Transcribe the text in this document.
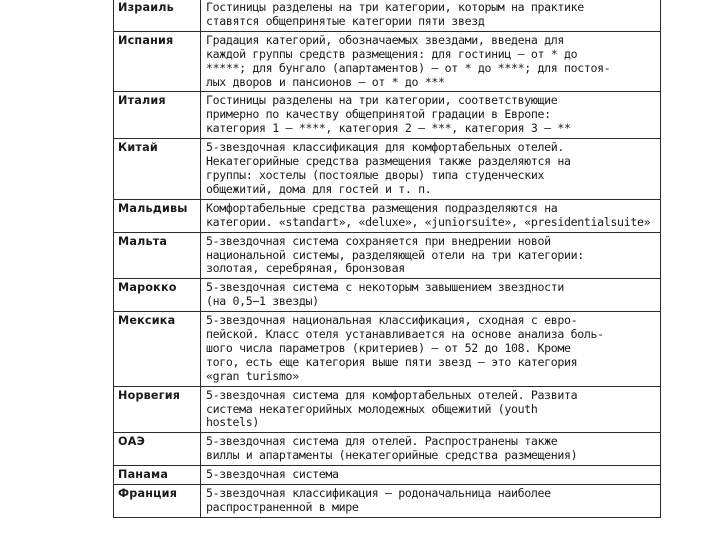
Израиль	Гостиницы разделены на три категории, которым на практике
ставятся общепринятые категории пяти звезд

Испания	Градация категорий, обозначаемых звездами, введена для
каждой группы средств размещения: для гостиниц — от * до
*****; для бунгало (апартаментов) — от * до ****; для постоя-
лых дворов и пансионов — от * до ***

Италия	Гостиницы разделены на три категории, соответствующие
примерно по качеству общепринятой градации в Европе:
категория 1 — ****, категория 2 — ***, категория 3 — **

Китай	5-звездочная классификация для комфортабельных отелей.
Некатегорийные средства размещения также разделяются на
группы: хостелы (постоялые дворы) типа студенческих
общежитий, дома для гостей и т. п.

Мальдивы	Комфортабельные средства размещения подразделяются на
категории. «standart», «deluxe», «juniorsuite», «presidentialsuite»

Мальта	5-звездочная система сохраняется при внедрении новой
национальной системы, разделяющей отели на три категории:
золотая, серебряная, бронзовая

Марокко	5-звездочная система с некоторым завышением звездности
(на 0,5−1 звезды)

Мексика	5-звездочная национальная классификация, сходная с евро-
пейской. Класс отеля устанавливается на основе анализа боль-
шого числа параметров (критериев) — от 52 до 108. Кроме
того, есть еще категория выше пяти звезд — это категория
«gran turismo»

Норвегия	5-звездочная система для комфортабельных отелей. Развита
система некатегорийных молодежных общежитий (youth
hostels)

ОАЭ	5-звездочная система для отелей. Распространены также
виллы и апартаменты (некатегорийные средства размещения)

Панама	5-звездочная система

Франция	5-звездочная классификация — родоначальница наиболее
распространенной в мире
